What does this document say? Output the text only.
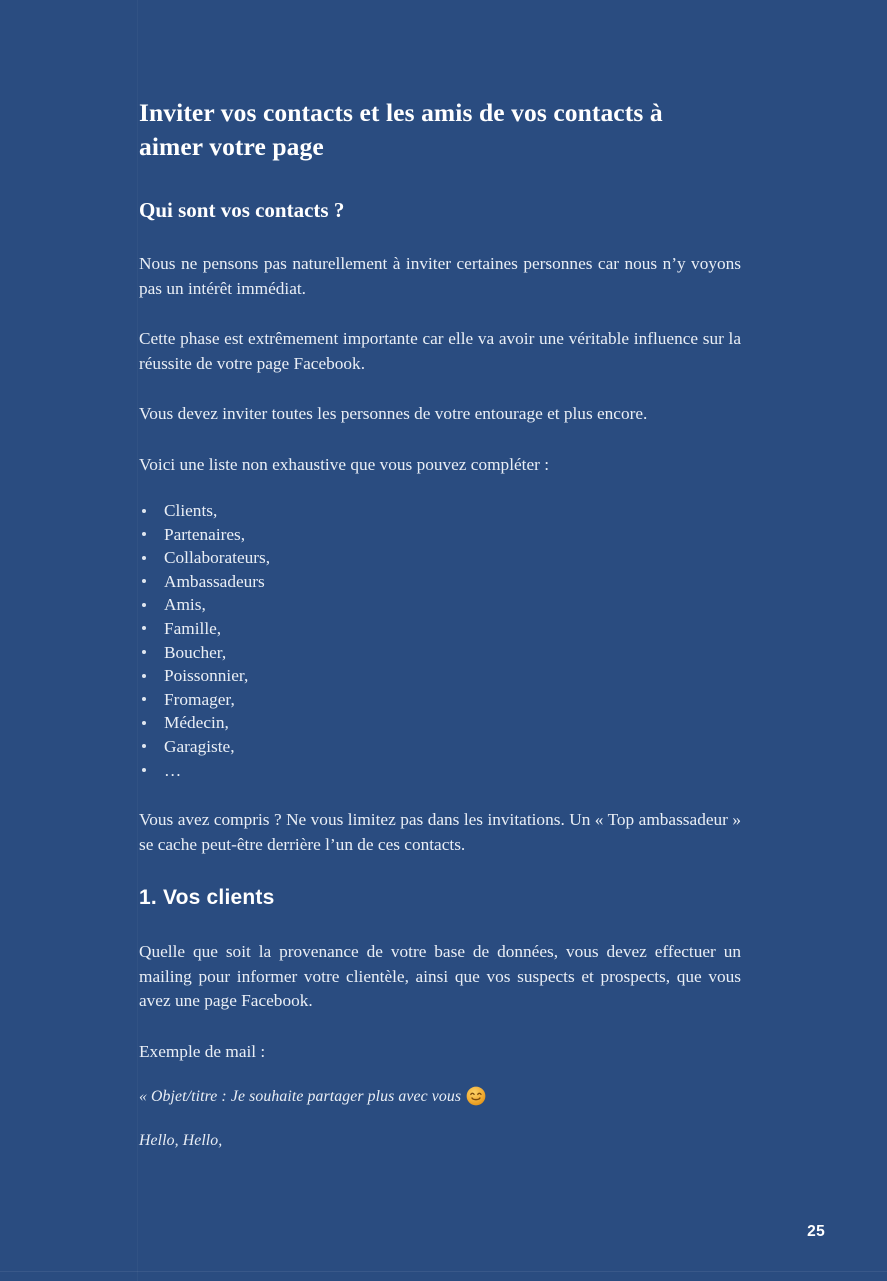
Inviter vos contacts et les amis de vos contacts à aimer votre page
Qui sont vos contacts ?

Nous ne pensons pas naturellement à inviter certaines personnes car nous n’y voyons pas un intérêt immédiat.

Cette phase est extrêmement importante car elle va avoir une véritable influence sur la réussite de votre page Facebook.

Vous devez inviter toutes les personnes de votre entourage et plus encore.

Voici une liste non exhaustive que vous pouvez compléter :

Clients,
Partenaires,
Collaborateurs,
Ambassadeurs
Amis,
Famille,
Boucher,
Poissonnier,
Fromager,
Médecin,
Garagiste,
…

Vous avez compris ? Ne vous limitez pas dans les invitations. Un « Top ambassadeur » se cache peut-être derrière l’un de ces contacts.

1. Vos clients

Quelle que soit la provenance de votre base de données, vous devez effectuer un mailing pour informer votre clientèle, ainsi que vos suspects et prospects, que vous avez une page Facebook.

Exemple de mail :

« Objet/titre : Je souhaite partager plus avec vous

Hello, Hello,

25
